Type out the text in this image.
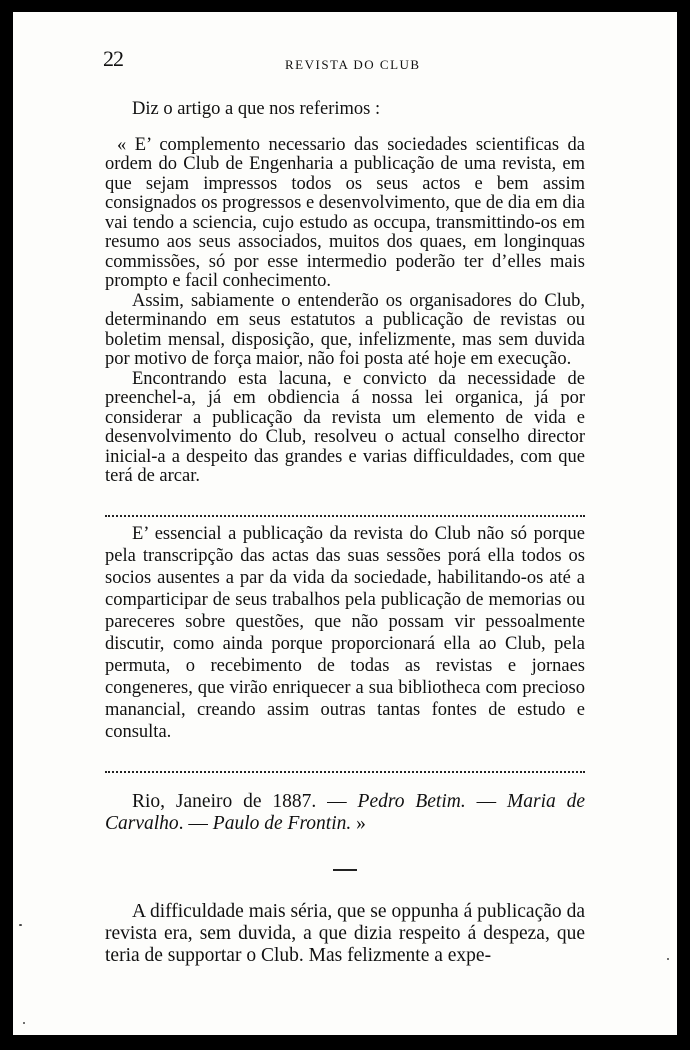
22	REVISTA DO CLUB

Diz o artigo a que nos referimos :

« E’ complemento necessario das sociedades scientificas da ordem do Club de Engenharia a publicação de uma revista, em que sejam impressos todos os seus actos e bem assim consignados os progressos e desenvolvimento, que de dia em dia vai tendo a sciencia, cujo estudo as occupa, transmittindo-os em resumo aos seus associados, muitos dos quaes, em longinquas commissões, só por esse intermedio poderão ter d’elles mais prompto e facil conhecimento.

Assim, sabiamente o entenderão os organisadores do Club, determinando em seus estatutos a publicação de revistas ou boletim mensal, disposição, que, infelizmente, mas sem duvida por motivo de força maior, não foi posta até hoje em execução.

Encontrando esta lacuna, e convicto da necessidade de preenchel-a, já em obdiencia á nossa lei organica, já por considerar a publicação da revista um elemento de vida e desenvolvimento do Club, resolveu o actual conselho director inicial-a a despeito das grandes e varias difficuldades, com que terá de arcar.

E’ essencial a publicação da revista do Club não só porque pela transcripção das actas das suas sessões porá ella todos os socios ausentes a par da vida da sociedade, habilitando-os até a comparticipar de seus trabalhos pela publicação de memorias ou pareceres sobre questões, que não possam vir pessoalmente discutir, como ainda porque proporcionará ella ao Club, pela permuta, o recebimento de todas as revistas e jornaes congeneres, que virão enriquecer a sua bibliotheca com precioso manancial, creando assim outras tantas fontes de estudo e consulta.

Rio, Janeiro de 1887. — Pedro Betim. — Maria de Carvalho. — Paulo de Frontin. »

A difficuldade mais séria, que se oppunha á publicação da revista era, sem duvida, a que dizia respeito á despeza, que teria de supportar o Club. Mas felizmente a expe-
